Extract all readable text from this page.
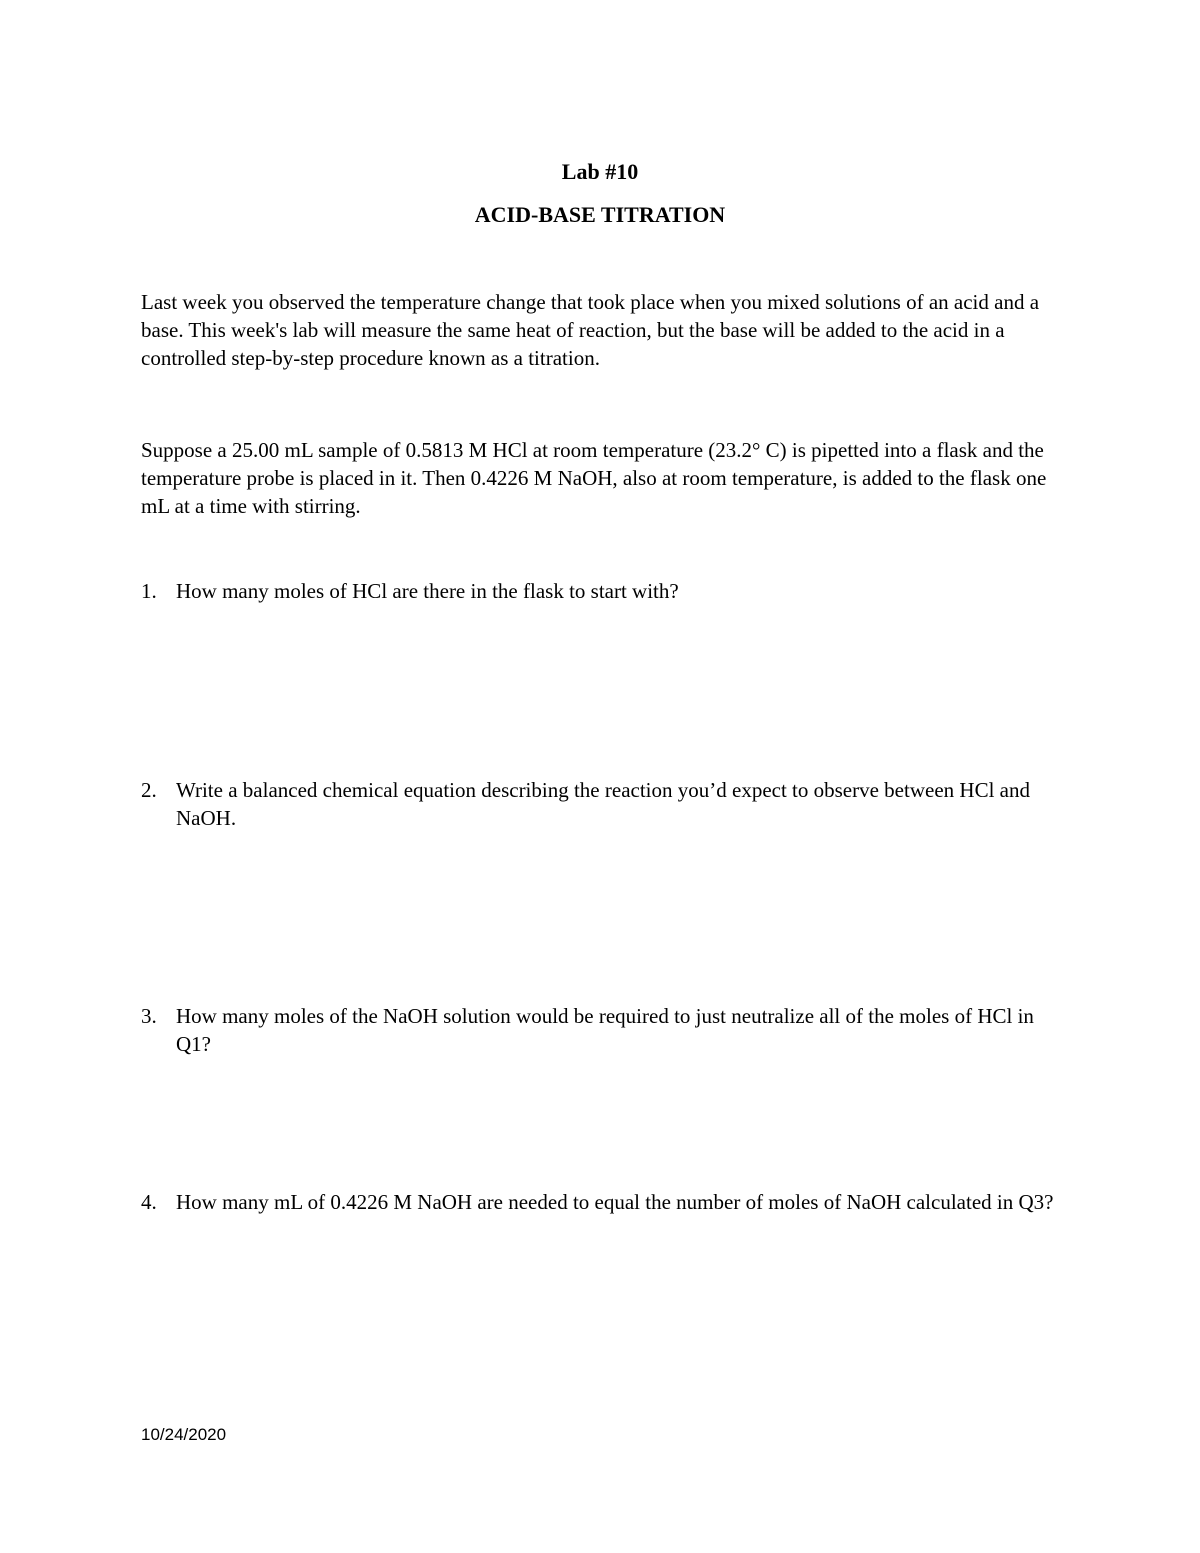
Lab #10
ACID-BASE TITRATION
Last week you observed the temperature change that took place when you mixed solutions of an acid and a base. This week's lab will measure the same heat of reaction, but the base will be added to the acid in a controlled step-by-step procedure known as a titration.
Suppose a 25.00 mL sample of 0.5813 M HCl at room temperature (23.2° C) is pipetted into a flask and the temperature probe is placed in it. Then 0.4226 M NaOH, also at room temperature, is added to the flask one mL at a time with stirring.
1. How many moles of HCl are there in the flask to start with?
2. Write a balanced chemical equation describing the reaction you’d expect to observe between HCl and NaOH.
3. How many moles of the NaOH solution would be required to just neutralize all of the moles of HCl in Q1?
4. How many mL of 0.4226 M NaOH are needed to equal the number of moles of NaOH calculated in Q3?
10/24/2020
